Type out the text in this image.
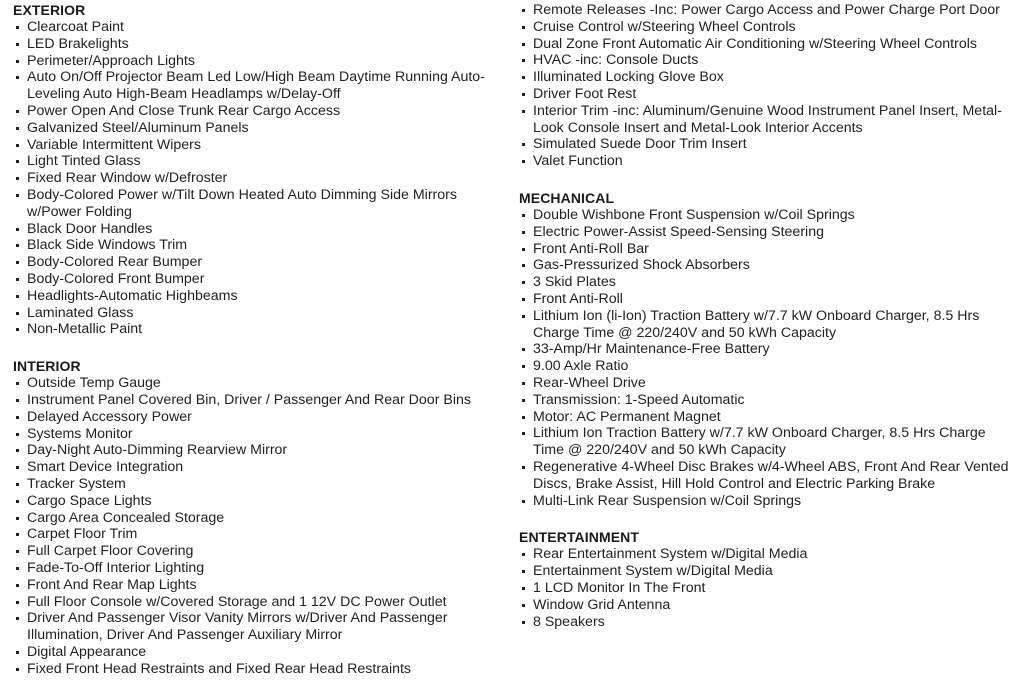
EXTERIOR
Clearcoat Paint
LED Brakelights
Perimeter/Approach Lights
Auto On/Off Projector Beam Led Low/High Beam Daytime Running Auto-Leveling Auto High-Beam Headlamps w/Delay-Off
Power Open And Close Trunk Rear Cargo Access
Galvanized Steel/Aluminum Panels
Variable Intermittent Wipers
Light Tinted Glass
Fixed Rear Window w/Defroster
Body-Colored Power w/Tilt Down Heated Auto Dimming Side Mirrors w/Power Folding
Black Door Handles
Black Side Windows Trim
Body-Colored Rear Bumper
Body-Colored Front Bumper
Headlights-Automatic Highbeams
Laminated Glass
Non-Metallic Paint
INTERIOR
Outside Temp Gauge
Instrument Panel Covered Bin, Driver / Passenger And Rear Door Bins
Delayed Accessory Power
Systems Monitor
Day-Night Auto-Dimming Rearview Mirror
Smart Device Integration
Tracker System
Cargo Space Lights
Cargo Area Concealed Storage
Carpet Floor Trim
Full Carpet Floor Covering
Fade-To-Off Interior Lighting
Front And Rear Map Lights
Full Floor Console w/Covered Storage and 1 12V DC Power Outlet
Driver And Passenger Visor Vanity Mirrors w/Driver And Passenger Illumination, Driver And Passenger Auxiliary Mirror
Digital Appearance
Fixed Front Head Restraints and Fixed Rear Head Restraints
Remote Releases -Inc: Power Cargo Access and Power Charge Port Door
Cruise Control w/Steering Wheel Controls
Dual Zone Front Automatic Air Conditioning w/Steering Wheel Controls
HVAC -inc: Console Ducts
Illuminated Locking Glove Box
Driver Foot Rest
Interior Trim -inc: Aluminum/Genuine Wood Instrument Panel Insert, Metal-Look Console Insert and Metal-Look Interior Accents
Simulated Suede Door Trim Insert
Valet Function
MECHANICAL
Double Wishbone Front Suspension w/Coil Springs
Electric Power-Assist Speed-Sensing Steering
Front Anti-Roll Bar
Gas-Pressurized Shock Absorbers
3 Skid Plates
Front Anti-Roll
Lithium Ion (li-Ion) Traction Battery w/7.7 kW Onboard Charger, 8.5 Hrs Charge Time @ 220/240V and 50 kWh Capacity
33-Amp/Hr Maintenance-Free Battery
9.00 Axle Ratio
Rear-Wheel Drive
Transmission: 1-Speed Automatic
Motor: AC Permanent Magnet
Lithium Ion Traction Battery w/7.7 kW Onboard Charger, 8.5 Hrs Charge Time @ 220/240V and 50 kWh Capacity
Regenerative 4-Wheel Disc Brakes w/4-Wheel ABS, Front And Rear Vented Discs, Brake Assist, Hill Hold Control and Electric Parking Brake
Multi-Link Rear Suspension w/Coil Springs
ENTERTAINMENT
Rear Entertainment System w/Digital Media
Entertainment System w/Digital Media
1 LCD Monitor In The Front
Window Grid Antenna
8 Speakers
